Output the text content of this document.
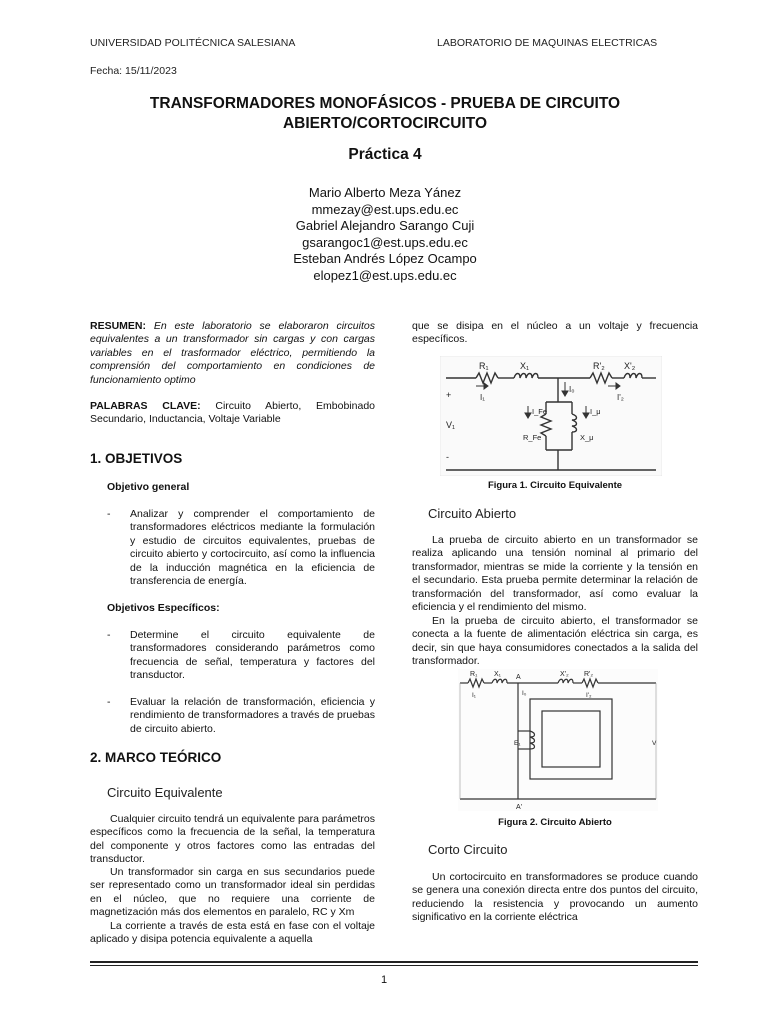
UNIVERSIDAD POLITÉCNICA SALESIANA	LABORATORIO DE MAQUINAS ELECTRICAS
Fecha: 15/11/2023
TRANSFORMADORES MONOFÁSICOS - PRUEBA DE CIRCUITO
ABIERTO/CORTOCIRCUITO
Práctica 4
Mario Alberto Meza Yánez
mmezay@est.ups.edu.ec
Gabriel Alejandro Sarango Cuji
gsarangoc1@est.ups.edu.ec
Esteban Andrés López Ocampo
elopez1@est.ups.edu.ec
RESUMEN: En este laboratorio se elaboraron circuitos equivalentes a un transformador sin cargas y con cargas variables en el trasformador eléctrico, permitiendo la comprensión del comportamiento en condiciones de funcionamiento optimo
PALABRAS CLAVE: Circuito Abierto, Embobinado Secundario, Inductancia, Voltaje Variable
1. OBJETIVOS
Objetivo general
-	Analizar y comprender el comportamiento de transformadores eléctricos mediante la formulación y estudio de circuitos equivalentes, pruebas de circuito abierto y cortocircuito, así como la influencia de la inducción magnética en la eficiencia de transferencia de energía.
Objetivos Específicos:
-	Determine el circuito equivalente de transformadores considerando parámetros como frecuencia de señal, temperatura y factores del transductor.
-	Evaluar la relación de transformación, eficiencia y rendimiento de transformadores a través de pruebas de circuito abierto.
2. MARCO TEÓRICO
Circuito Equivalente
Cualquier circuito tendrá un equivalente para parámetros específicos como la frecuencia de la señal, la temperatura del componente y otros factores como las entradas del transductor.
Un transformador sin carga en sus secundarios puede ser representado como un transformador ideal sin perdidas en el núcleo, que no requiere una corriente de magnetización más dos elementos en paralelo, RC y Xm
La corriente a través de esta está en fase con el voltaje aplicado y disipa potencia equivalente a aquella
que se disipa en el núcleo a un voltaje y frecuencia específicos.
R₁	X₁	R'₂ X'₂
I₁	I'₂
I₀
I_Fe	I_μ
R_Fe	X_μ
+
V₁
-
Figura 1. Circuito Equivalente
Circuito Abierto
La prueba de circuito abierto en un transformador se realiza aplicando una tensión nominal al primario del transformador, mientras se mide la corriente y la tensión en el secundario. Esta prueba permite determinar la relación de transformación del transformador, así como evaluar la eficiencia y el rendimiento del mismo.
En la prueba de circuito abierto, el transformador se conecta a la fuente de alimentación eléctrica sin carga, es decir, sin que haya consumidores conectados a la salida del transformador.
R₁ X₁ A	X'₂ R'₂
I₁	I'₂
I₀
E₁
A'
V
Figura 2. Circuito Abierto
Corto Circuito
Un cortocircuito en transformadores se produce cuando se genera una conexión directa entre dos puntos del circuito, reduciendo la resistencia y provocando un aumento significativo en la corriente eléctrica
1
